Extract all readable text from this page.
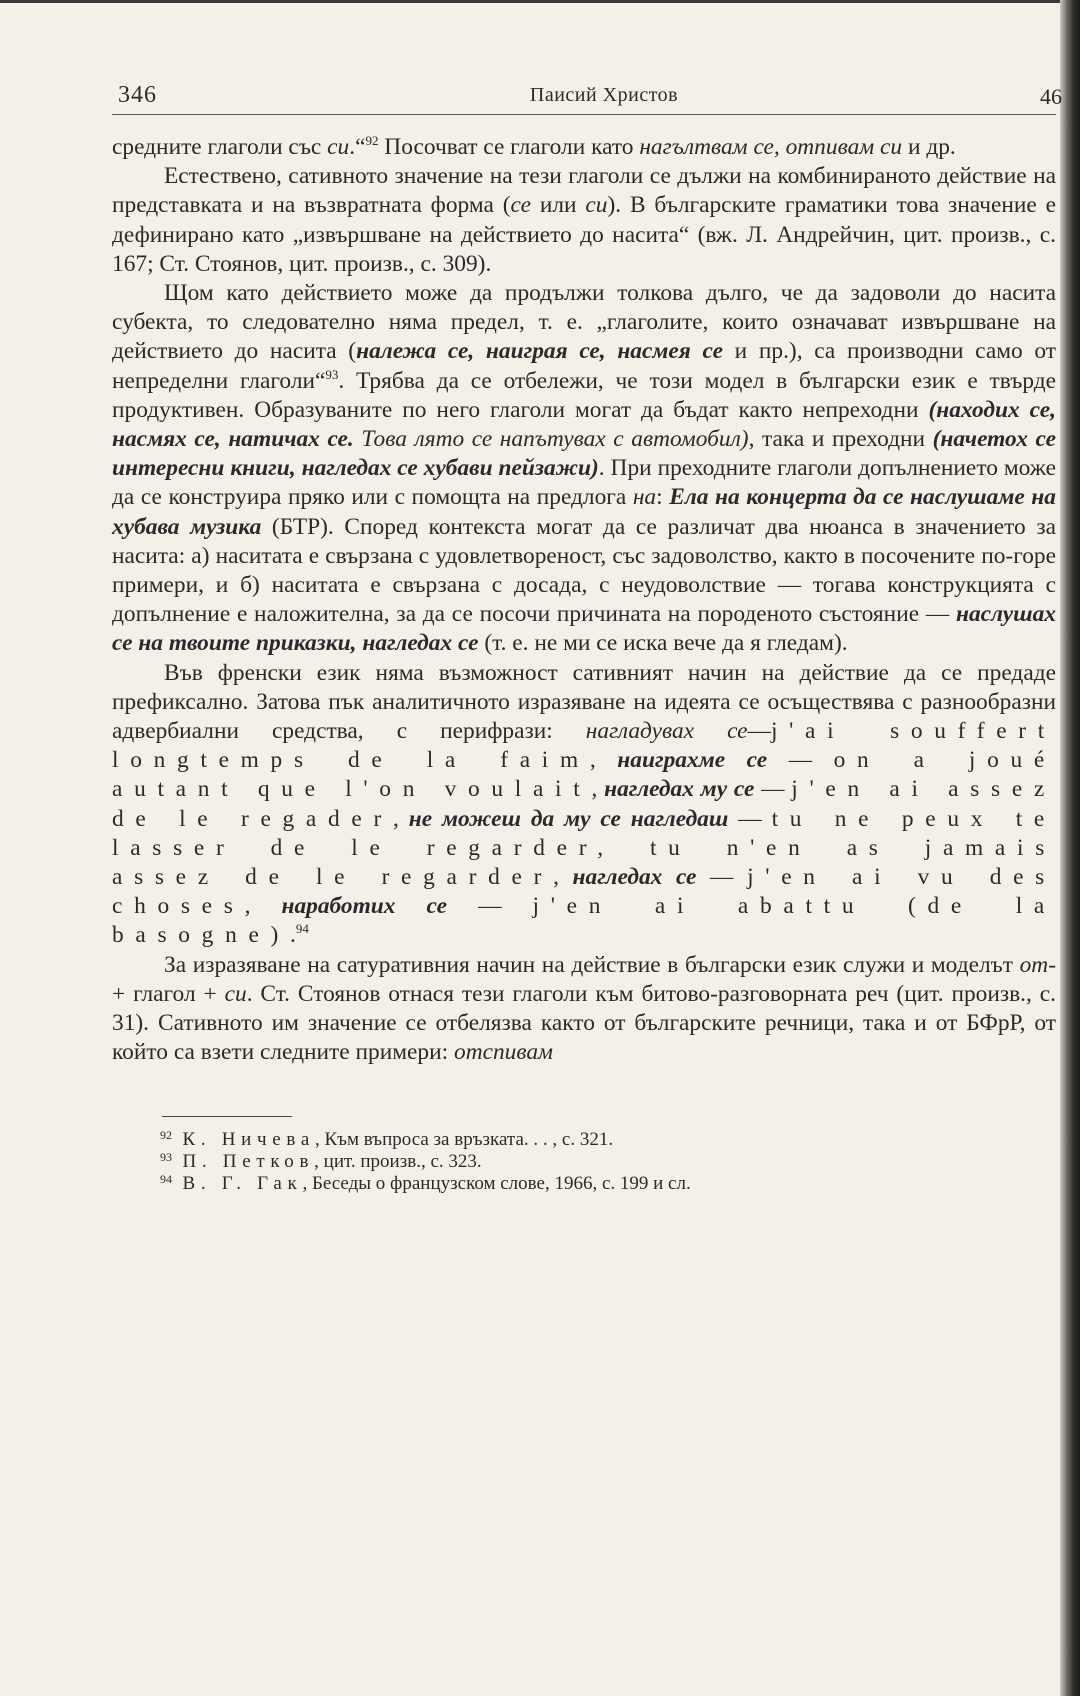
346	Паисий Христов	46

средните глаголи със си.“$^{92}$ Посочват се глаголи като нагълтвам се, отпивам си и др.

Естествено, сативното значение на тези глаголи се дължи на комбинираното действие на представката и на възвратната форма (се или си). В българските граматики това значение е дефинирано като „извършване на действието до насита“ (вж. Л. Андрейчин, цит. произв., с. 167; Ст. Стоянов, цит. произв., с. 309).

Щом като действието може да продължи толкова дълго, че да задоволи до насита субекта, то следователно няма предел, т. е. „глаголите, които означават извършване на действието до насита (належа се, наиграя се, насмея се и пр.), са производни само от непределни глаголи“$^{93}$. Трябва да се отбележи, че този модел в български език е твърде продуктивен. Образуваните по него глаголи могат да бъдат както непреходни (находих се, насмях се, натичах се. Това лято се напътувах с автомобил), така и преходни (начетох се интересни книги, нагледах се хубави пейзажи). При преходните глаголи допълнението може да се конструира пряко или с помощта на предлога на: Ела на концерта да се наслушаме на хубава музика (БТР). Според контекста могат да се различат два нюанса в значението за насита: а) наситата е свързана с удовлетвореност, със задоволство, както в посочените по-горе примери, и б) наситата е свързана с досада, с неудоволствие — тогава конструкцията с допълнение е наложителна, за да се посочи причината на породеното състояние — наслушах се на твоите приказки, нагледах се (т. е. не ми се иска вече да я гледам).

Във френски език няма възможност сативният начин на действие да се предаде префиксално. Затова пък аналитичното изразяване на идеята се осъществява с разнообразни адвербиални средства, с перифрази: нагладувах се—j'ai souffert longtemps de la faim, наиграхме се — on a joué autant que l'on voulait, нагледах му се — j'en ai assez de le regader, не можеш да му се нагледаш — tu ne peux te lasser de le regarder, tu n'en as jamais assez de le regarder, нагледах се — j'en ai vu des choses, наработих се — j'en ai abattu (de la basogne).$^{94}$

За изразяване на сатуративния начин на действие в български език служи и моделът от- + глагол + си. Ст. Стоянов отнася тези глаголи към битово-разговорната реч (цит. произв., с. 31). Сативното им значение се отбелязва както от българските речници, така и от БФрР, от който са взети следните примери: отспивам

$^{92}$ К. Ничева, Към въпроса за връзката. . . , с. 321.
$^{93}$ П. Петков, цит. произв., с. 323.
$^{94}$ В. Г. Гак, Беседы о французском слове, 1966, с. 199 и сл.
